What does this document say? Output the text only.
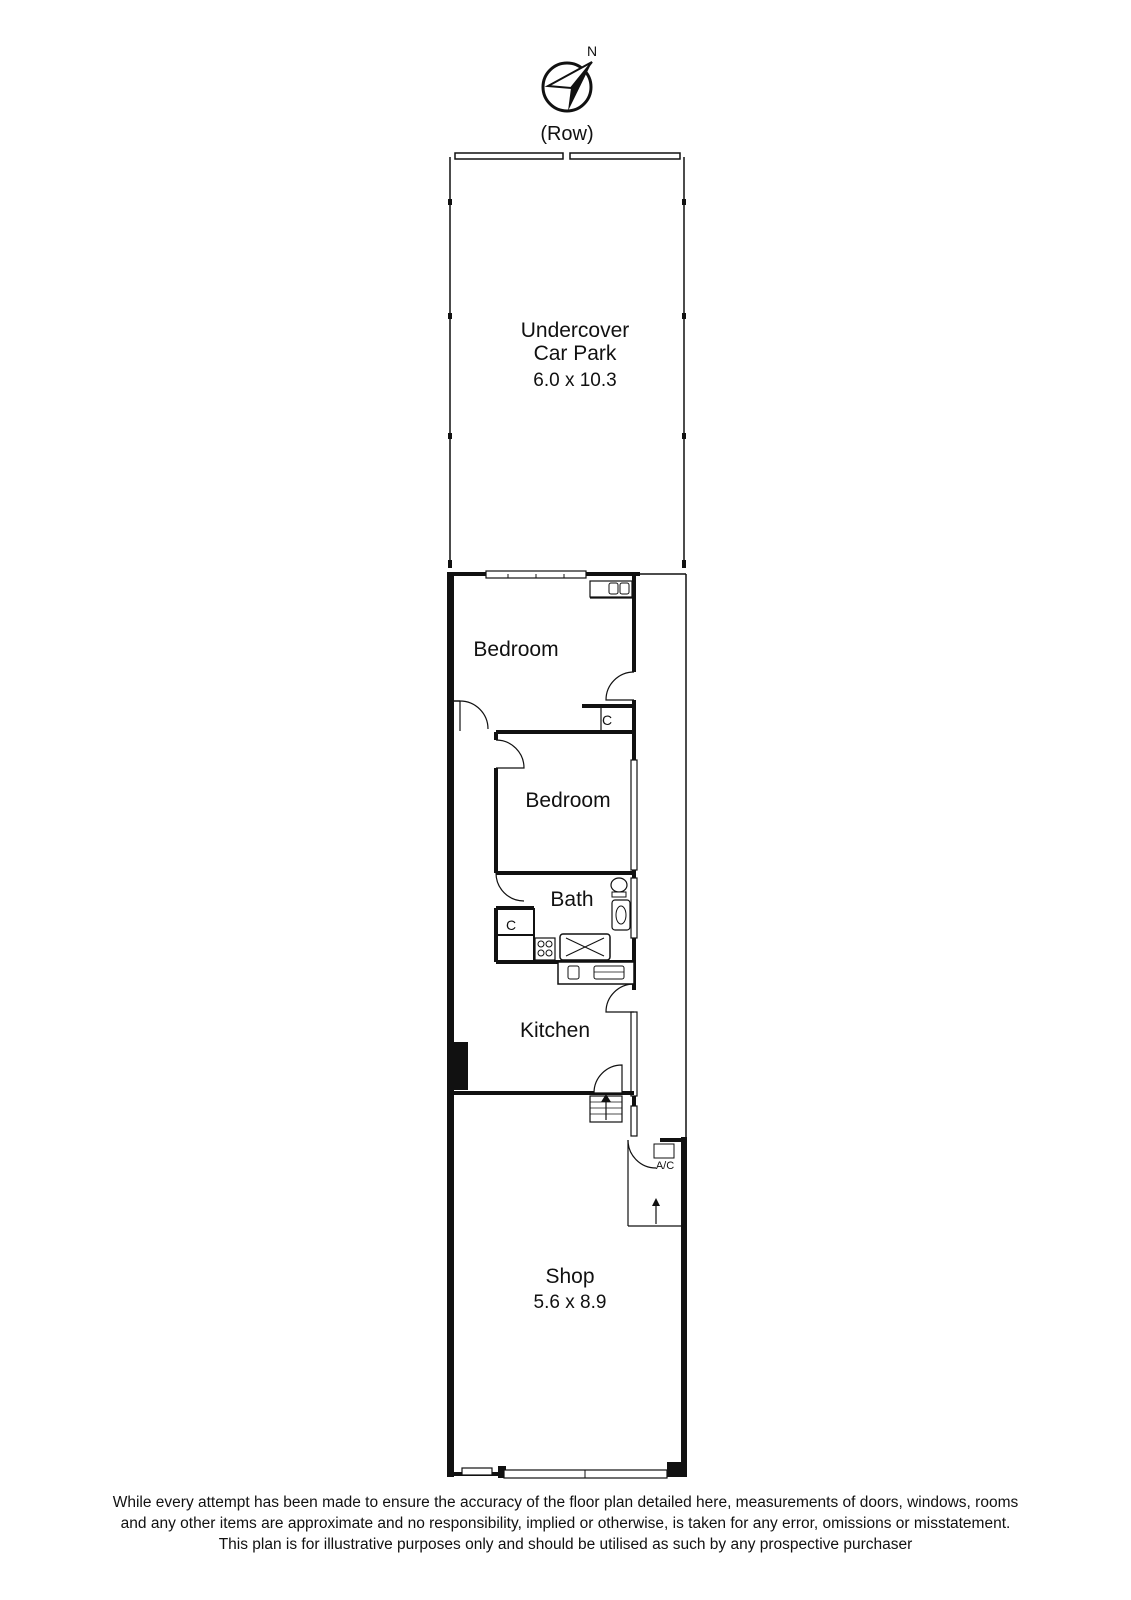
N
(Row)
Undercover
Car Park
6.0 x 10.3
A/C
Bedroom
C
Bedroom
Bath
C
Kitchen
Shop
5.6 x 8.9
While every attempt has been made to ensure the accuracy of the floor plan detailed here, measurements of doors, windows, rooms
and any other items are approximate and no responsibility, implied or otherwise, is taken for any error, omissions or misstatement.
This plan is for illustrative purposes only and should be utilised as such by any prospective purchaser
